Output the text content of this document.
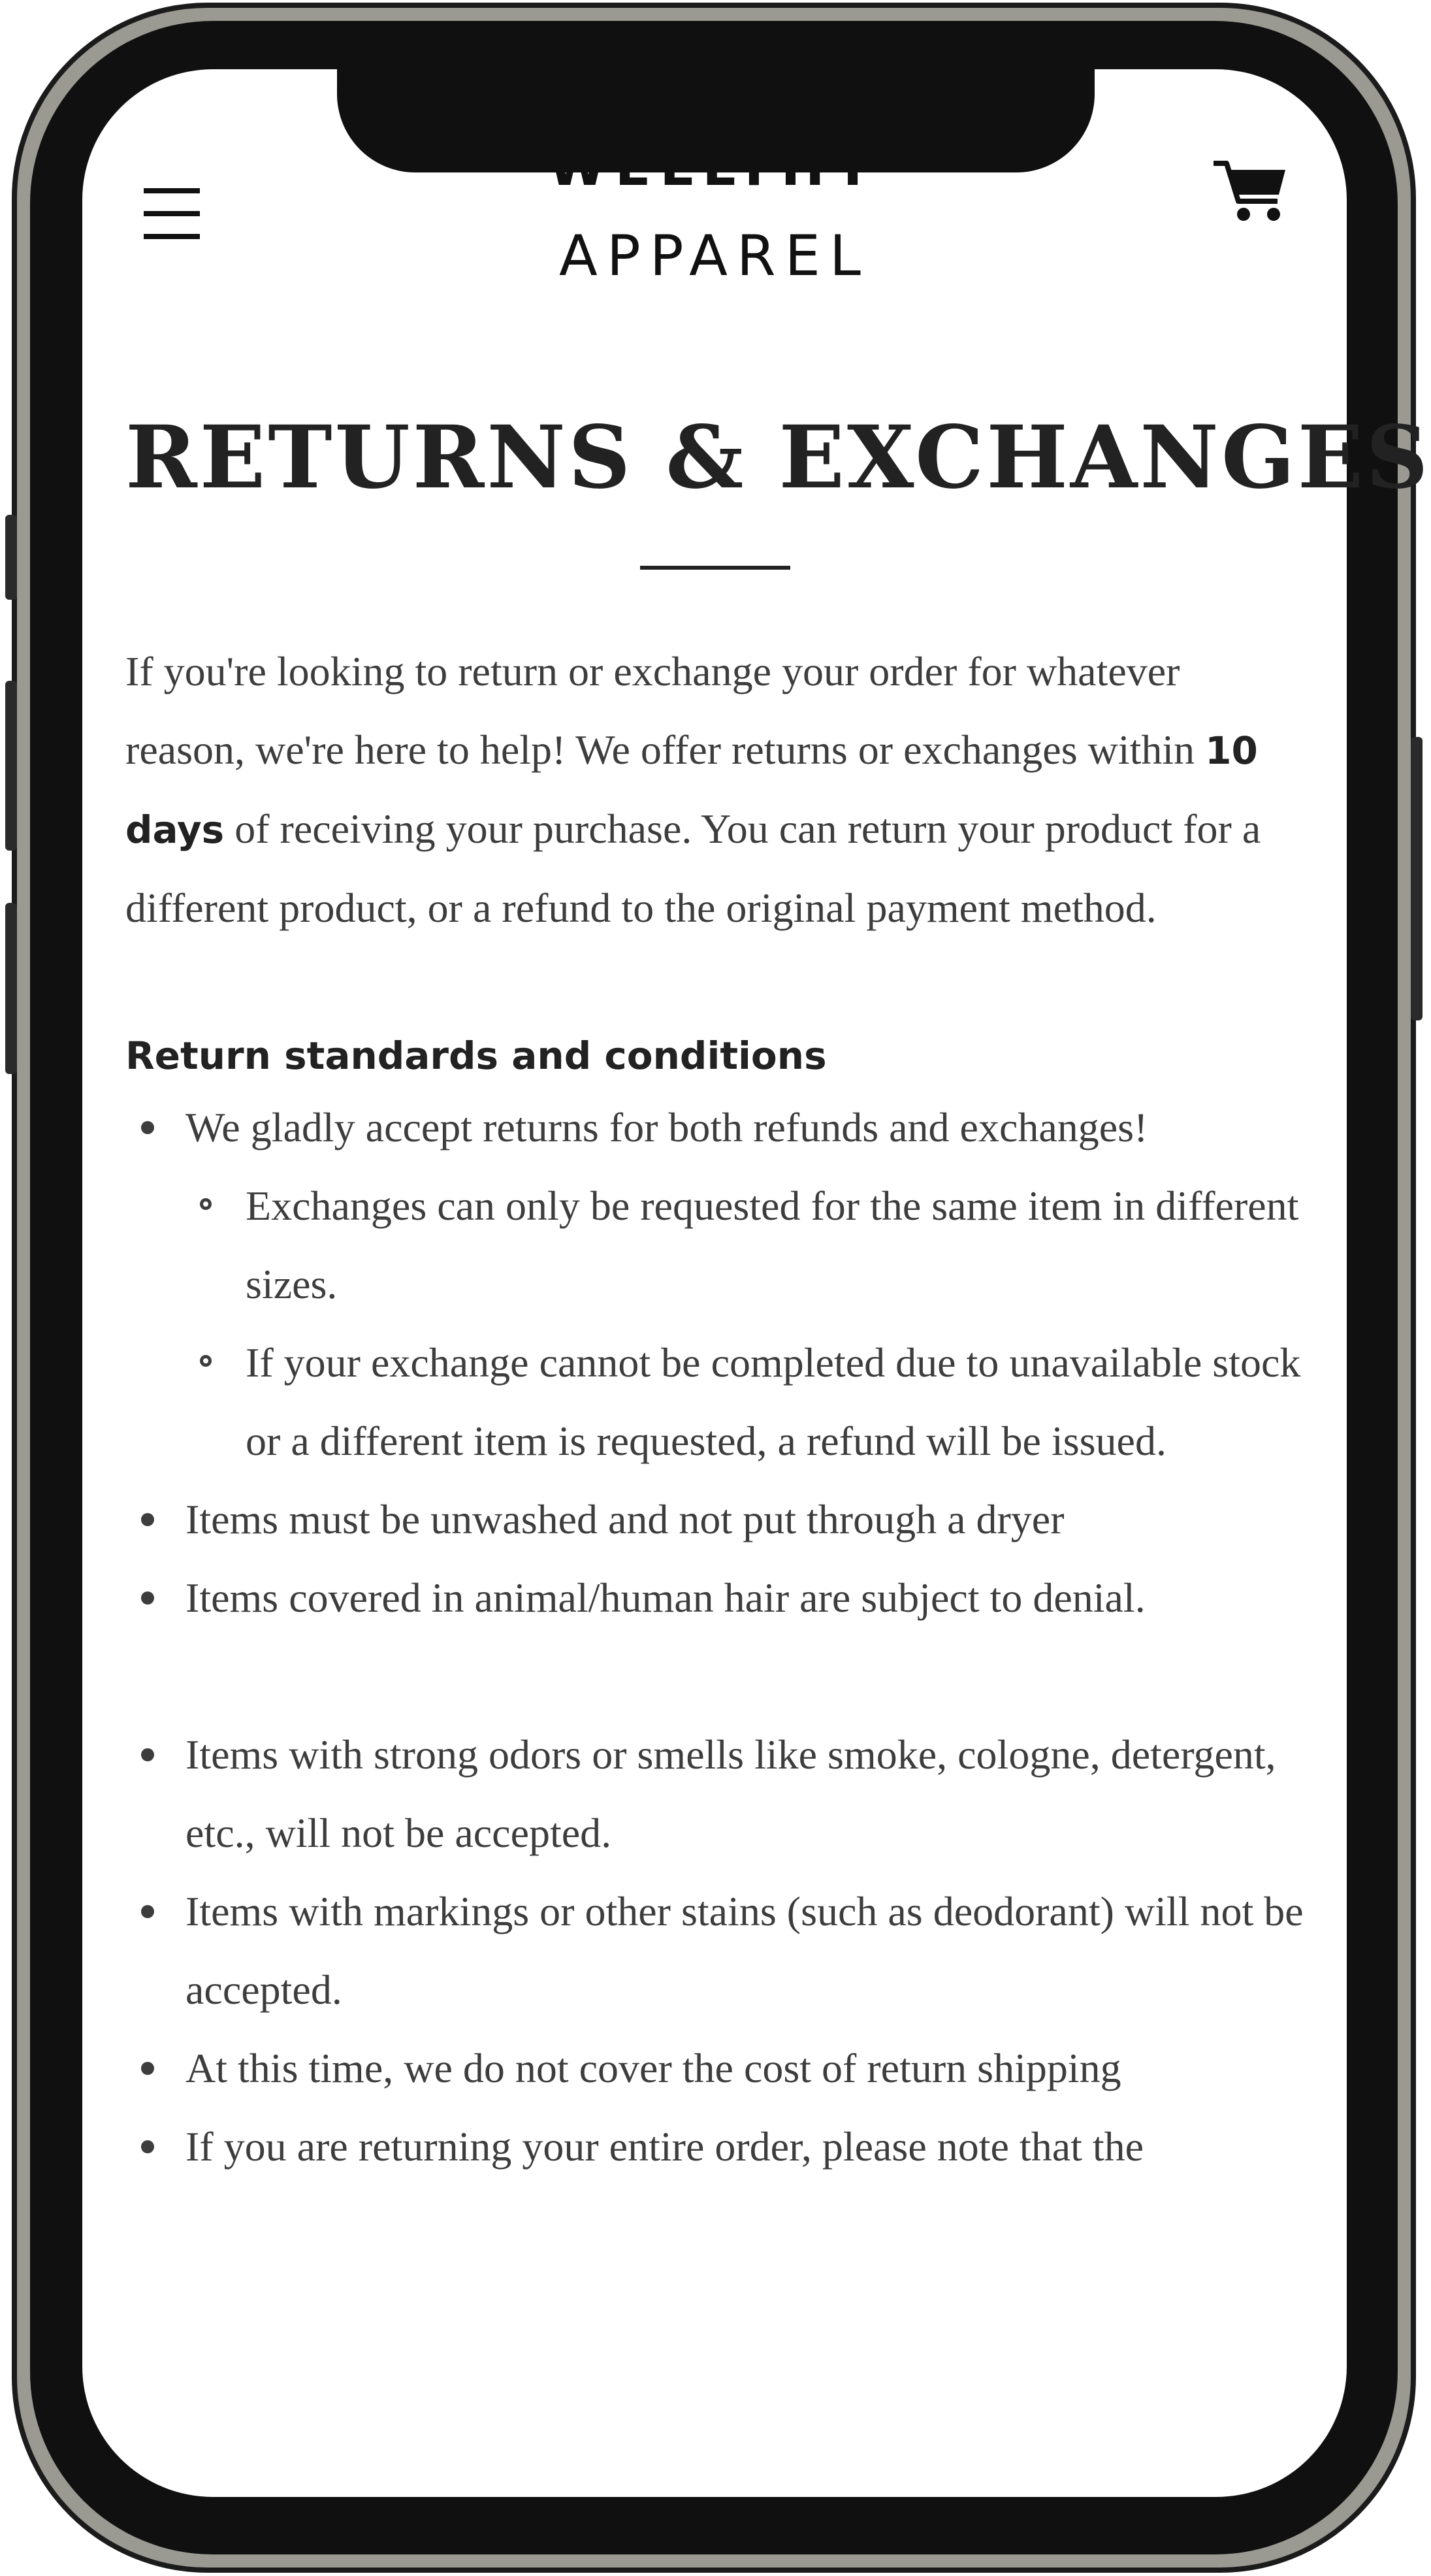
APPAREL
RETURNS & EXCHANGES

If you're looking to return or exchange your order for whatever reason, we're here to help! We offer returns or exchanges within 10 days of receiving your purchase. You can return your product for a different product, or a refund to the original payment method.

Return standards and conditions

We gladly accept returns for both refunds and exchanges!
Exchanges can only be requested for the same item in different sizes.
If your exchange cannot be completed due to unavailable stock or a different item is requested, a refund will be issued.
Items must be unwashed and not put through a dryer
Items covered in animal/human hair are subject to denial.
Items with strong odors or smells like smoke, cologne, detergent, etc., will not be accepted.
Items with markings or other stains (such as deodorant) will not be accepted.
At this time, we do not cover the cost of return shipping
If you are returning your entire order, please note that the
